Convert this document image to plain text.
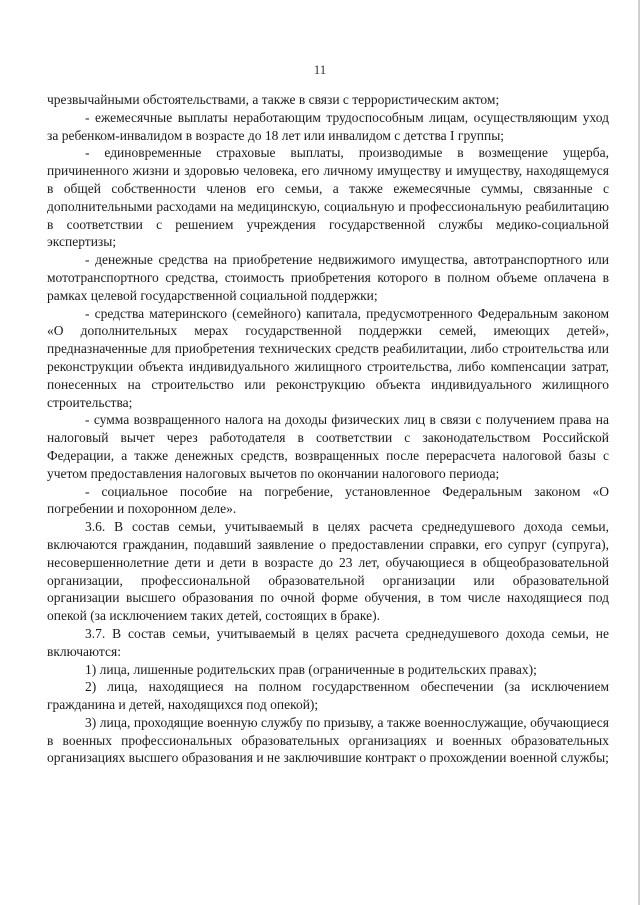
11

чрезвычайными обстоятельствами, а также в связи с террористическим актом;

- ежемесячные выплаты неработающим трудоспособным лицам, осуществляющим уход за ребенком-инвалидом в возрасте до 18 лет или инвалидом с детства I группы;

- единовременные страховые выплаты, производимые в возмещение ущерба, причиненного жизни и здоровью человека, его личному имуществу и имуществу, находящемуся в общей собственности членов его семьи, а также ежемесячные суммы, связанные с дополнительными расходами на медицинскую, социальную и профессиональную реабилитацию в соответствии с решением учреждения государственной службы медико-социальной экспертизы;

- денежные средства на приобретение недвижимого имущества, автотранспортного или мототранспортного средства, стоимость приобретения которого в полном объеме оплачена в рамках целевой государственной социальной поддержки;

- средства материнского (семейного) капитала, предусмотренного Федеральным законом «О дополнительных мерах государственной поддержки семей, имеющих детей», предназначенные для приобретения технических средств реабилитации, либо строительства или реконструкции объекта индивидуального жилищного строительства, либо компенсации затрат, понесенных на строительство или реконструкцию объекта индивидуального жилищного строительства;

- сумма возвращенного налога на доходы физических лиц в связи с получением права на налоговый вычет через работодателя в соответствии с законодательством Российской Федерации, а также денежных средств, возвращенных после перерасчета налоговой базы с учетом предоставления налоговых вычетов по окончании налогового периода;

- социальное пособие на погребение, установленное Федеральным законом «О погребении и похоронном деле».

3.6. В состав семьи, учитываемый в целях расчета среднедушевого дохода семьи, включаются гражданин, подавший заявление о предоставлении справки, его супруг (супруга), несовершеннолетние дети и дети в возрасте до 23 лет, обучающиеся в общеобразовательной организации, профессиональной образовательной организации или образовательной организации высшего образования по очной форме обучения, в том числе находящиеся под опекой (за исключением таких детей, состоящих в браке).

3.7. В состав семьи, учитываемый в целях расчета среднедушевого дохода семьи, не включаются:

1) лица, лишенные родительских прав (ограниченные в родительских правах);

2) лица, находящиеся на полном государственном обеспечении (за исключением гражданина и детей, находящихся под опекой);

3) лица, проходящие военную службу по призыву, а также военнослужащие, обучающиеся в военных профессиональных образовательных организациях и военных образовательных организациях высшего образования и не заключившие контракт о прохождении военной службы;
